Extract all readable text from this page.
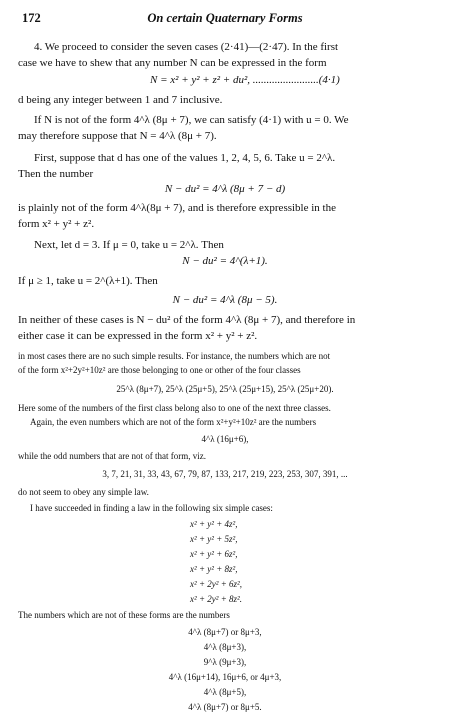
172	On certain Quaternary Forms
4. We proceed to consider the seven cases (2·41)—(2·47). In the first
case we have to shew that any number N can be expressed in the form
N = x² + y² + z² + du², ........................(4·1)
d being any integer between 1 and 7 inclusive.
If N is not of the form 4^λ (8μ + 7), we can satisfy (4·1) with u = 0. We
may therefore suppose that N = 4^λ (8μ + 7).
First, suppose that d has one of the values 1, 2, 4, 5, 6. Take u = 2^λ.
Then the number
N − du² = 4^λ (8μ + 7 − d)
is plainly not of the form 4^λ(8μ + 7), and is therefore expressible in the
form x² + y² + z².
Next, let d = 3. If μ = 0, take u = 2^λ. Then
N − du² = 4^(λ+1).
If μ ≥ 1, take u = 2^(λ+1). Then
N − du² = 4^λ (8μ − 5).
In neither of these cases is N − du² of the form 4^λ (8μ + 7), and therefore in
either case it can be expressed in the form x² + y² + z².
in most cases there are no such simple results. For instance, the numbers which are not
of the form x²+2y²+10z² are those belonging to one or other of the four classes
25^λ (8μ+7), 25^λ (25μ+5), 25^λ (25μ+15), 25^λ (25μ+20).
Here some of the numbers of the first class belong also to one of the next three classes.
Again, the even numbers which are not of the form x²+y²+10z² are the numbers
4^λ (16μ+6),
while the odd numbers that are not of that form, viz.
3, 7, 21, 31, 33, 43, 67, 79, 87, 133, 217, 219, 223, 253, 307, 391, ...
do not seem to obey any simple law.
I have succeeded in finding a law in the following six simple cases:
x² + y² + 4z²,
x² + y² + 5z²,
x² + y² + 6z²,
x² + y² + 8z²,
x² + 2y² + 6z²,
x² + 2y² + 8z².
The numbers which are not of these forms are the numbers
4^λ (8μ+7) or 8μ+3,
4^λ (8μ+3),
9^λ (9μ+3),
4^λ (16μ+14), 16μ+6, or 4μ+3,
4^λ (8μ+5),
4^λ (8μ+7) or 8μ+5.
